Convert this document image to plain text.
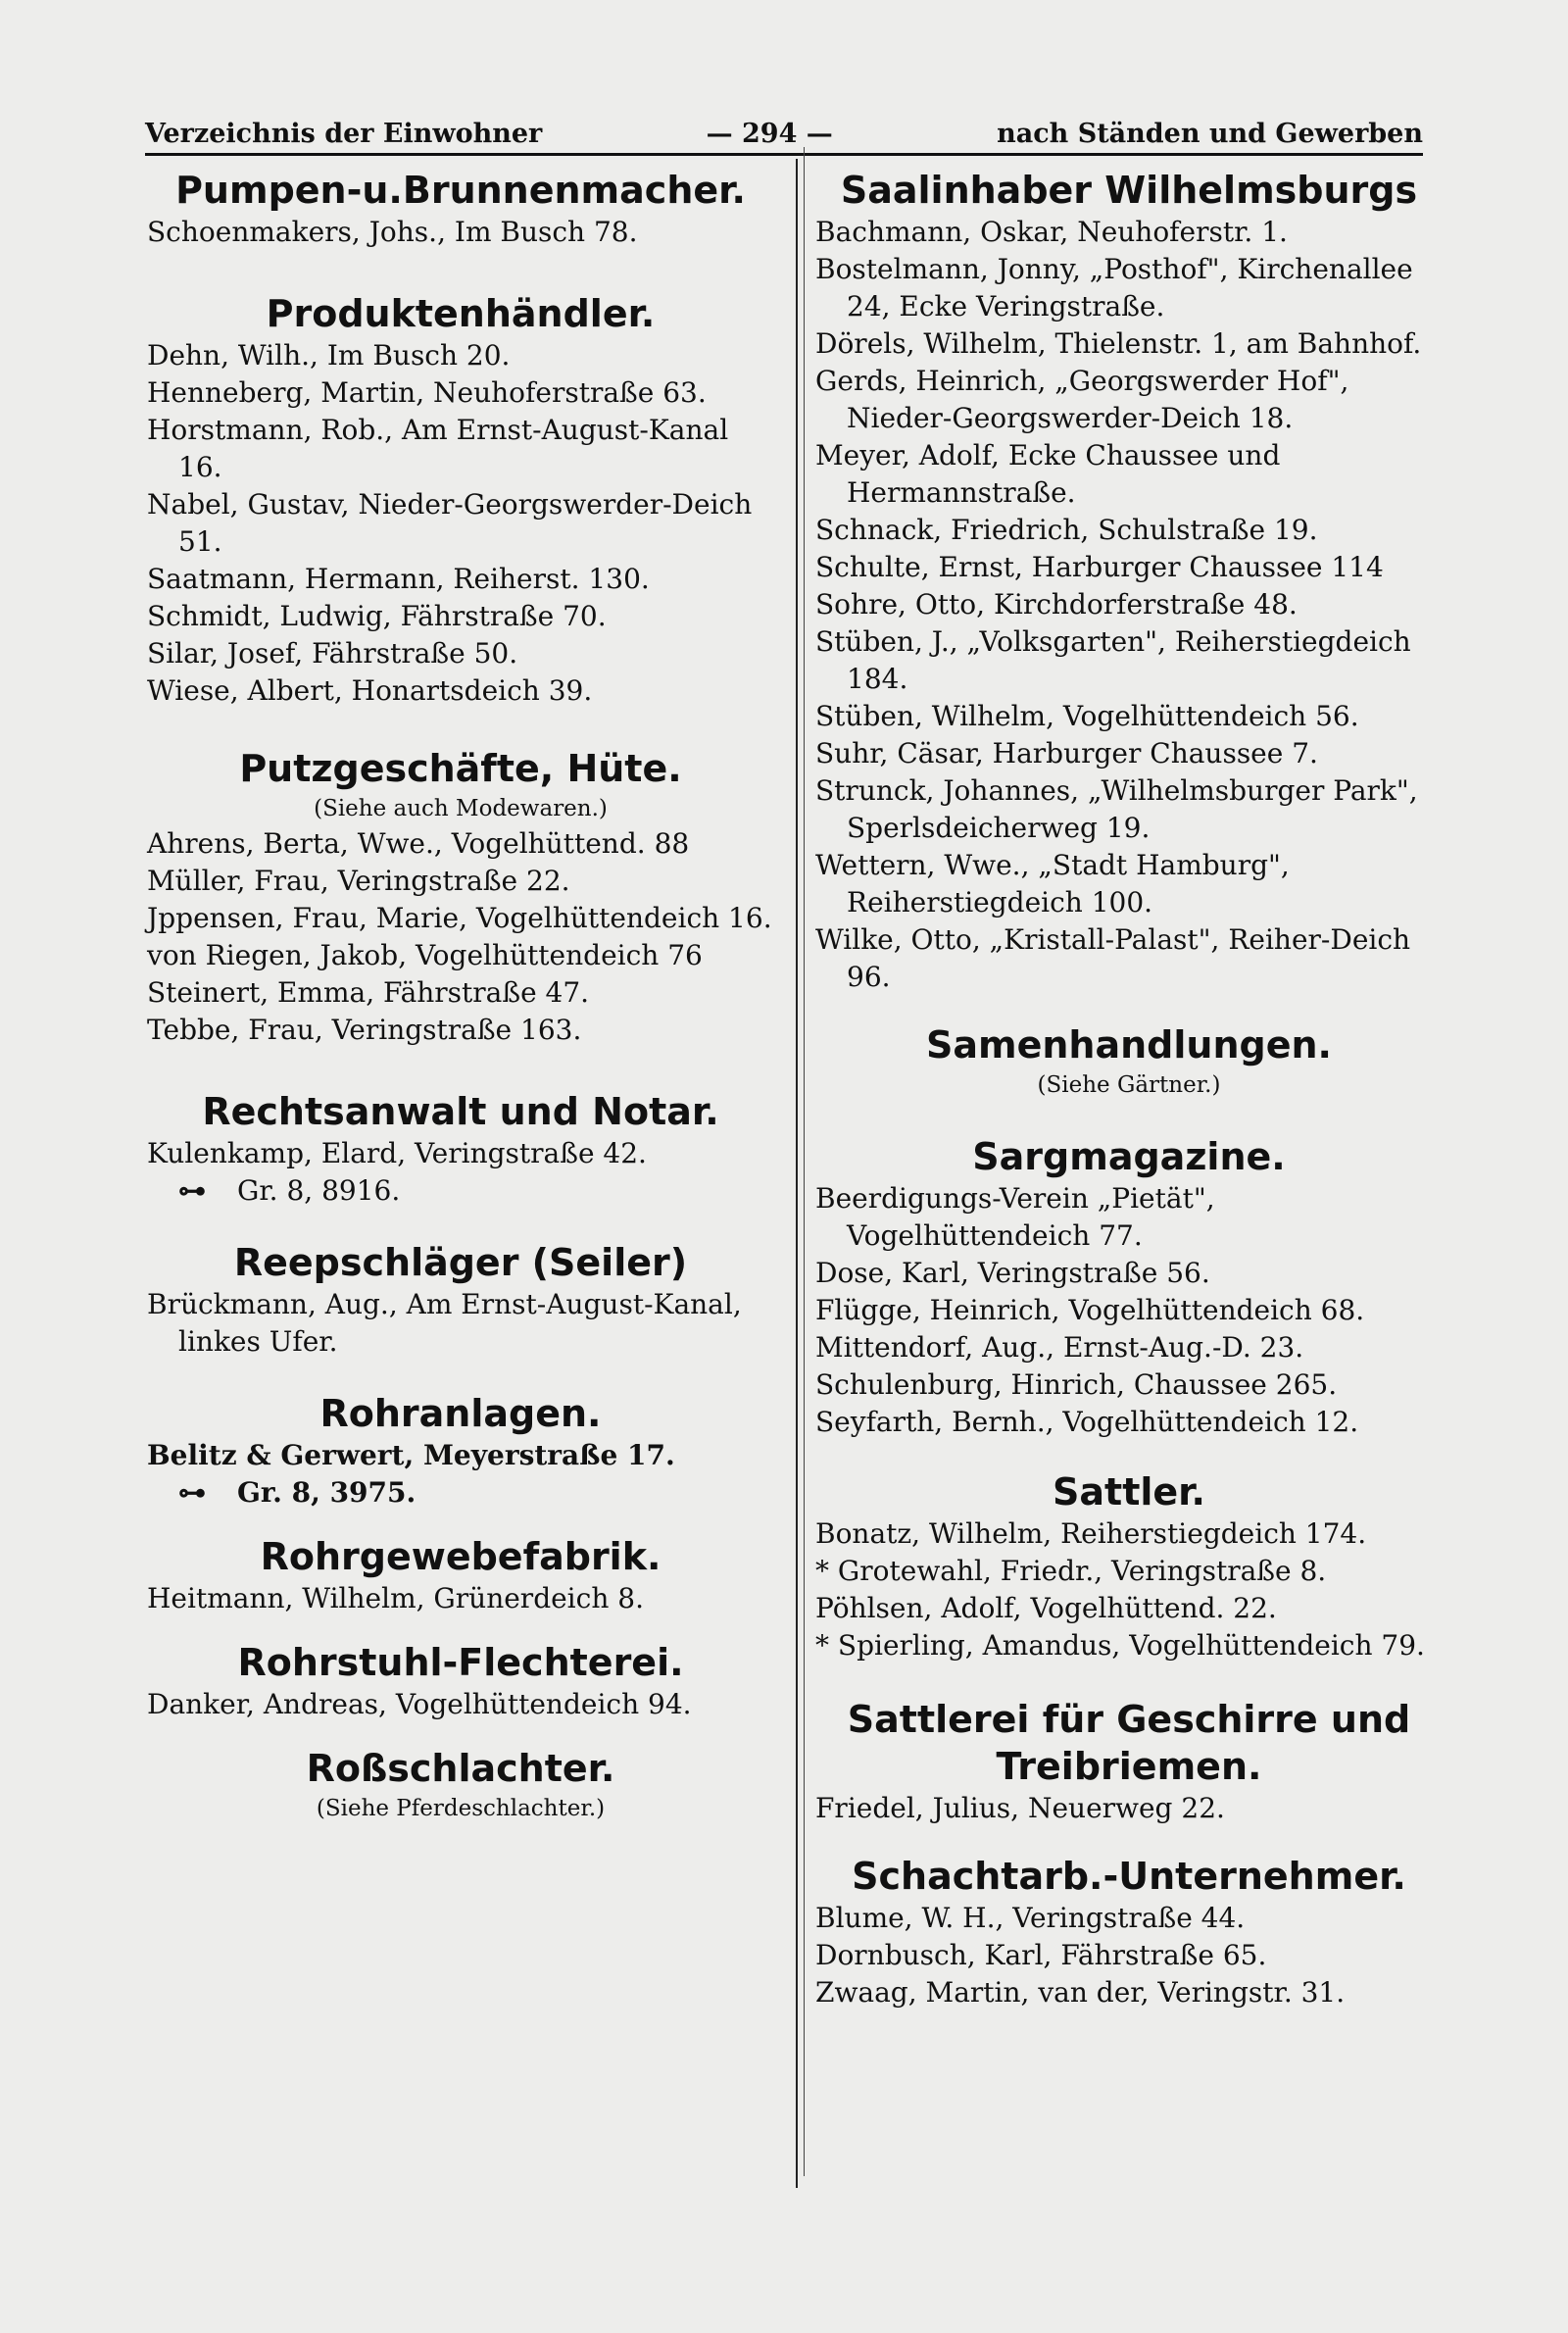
Verzeichnis der Einwohner	— 294 —	nach Ständen und Gewerben
Pumpen-u.Brunnenmacher.

Schoenmakers, Johs., Im Busch 78.

Produktenhändler.

Dehn, Wilh., Im Busch 20.

Henneberg, Martin, Neuhoferstraße 63.

Horstmann, Rob., Am Ernst-August-Kanal 16.

Nabel, Gustav, Nieder-Georgswerder-Deich 51.

Saatmann, Hermann, Reiherst. 130.

Schmidt, Ludwig, Fährstraße 70.

Silar, Josef, Fährstraße 50.

Wiese, Albert, Honartsdeich 39.

Putzgeschäfte, Hüte.

(Siehe auch Modewaren.)

Ahrens, Berta, Wwe., Vogelhüttend. 88

Müller, Frau, Veringstraße 22.

Jppensen, Frau, Marie, Vogelhüttendeich 16.

von Riegen, Jakob, Vogelhüttendeich 76

Steinert, Emma, Fährstraße 47.

Tebbe, Frau, Veringstraße 163.

Rechtsanwalt und Notar.

Kulenkamp, Elard, Veringstraße 42.

⊶ Gr. 8, 8916.
Reepschläger (Seiler)

Brückmann, Aug., Am Ernst-August-Kanal, linkes Ufer.

Rohranlagen.

Belitz & Gerwert, Meyerstraße 17.

⊶ Gr. 8, 3975.
Rohrgewebefabrik.

Heitmann, Wilhelm, Grünerdeich 8.

Rohrstuhl-Flechterei.

Danker, Andreas, Vogelhüttendeich 94.

Roßschlachter.

(Siehe Pferdeschlachter.)

Saalinhaber Wilhelmsburgs

Bachmann, Oskar, Neuhoferstr. 1.

Bostelmann, Jonny, „Posthof", Kirchenallee 24, Ecke Veringstraße.

Dörels, Wilhelm, Thielenstr. 1, am Bahnhof.

Gerds, Heinrich, „Georgswerder Hof", Nieder-Georgswerder-Deich 18.

Meyer, Adolf, Ecke Chaussee und Hermannstraße.

Schnack, Friedrich, Schulstraße 19.

Schulte, Ernst, Harburger Chaussee 114

Sohre, Otto, Kirchdorferstraße 48.

Stüben, J., „Volksgarten", Reiherstiegdeich 184.

Stüben, Wilhelm, Vogelhüttendeich 56.

Suhr, Cäsar, Harburger Chaussee 7.

Strunck, Johannes, „Wilhelmsburger Park", Sperlsdeicherweg 19.

Wettern, Wwe., „Stadt Hamburg", Reiherstiegdeich 100.

Wilke, Otto, „Kristall-Palast", Reiher-Deich 96.

Samenhandlungen.

(Siehe Gärtner.)

Sargmagazine.

Beerdigungs-Verein „Pietät", Vogelhüttendeich 77.

Dose, Karl, Veringstraße 56.

Flügge, Heinrich, Vogelhüttendeich 68.

Mittendorf, Aug., Ernst-Aug.-D. 23.

Schulenburg, Hinrich, Chaussee 265.

Seyfarth, Bernh., Vogelhüttendeich 12.

Sattler.

Bonatz, Wilhelm, Reiherstiegdeich 174.

* Grotewahl, Friedr., Veringstraße 8.

Pöhlsen, Adolf, Vogelhüttend. 22.

* Spierling, Amandus, Vogelhüttendeich 79.

Sattlerei für Geschirre und Treibriemen.

Friedel, Julius, Neuerweg 22.

Schachtarb.-Unternehmer.

Blume, W. H., Veringstraße 44.

Dornbusch, Karl, Fährstraße 65.

Zwaag, Martin, van der, Veringstr. 31.
